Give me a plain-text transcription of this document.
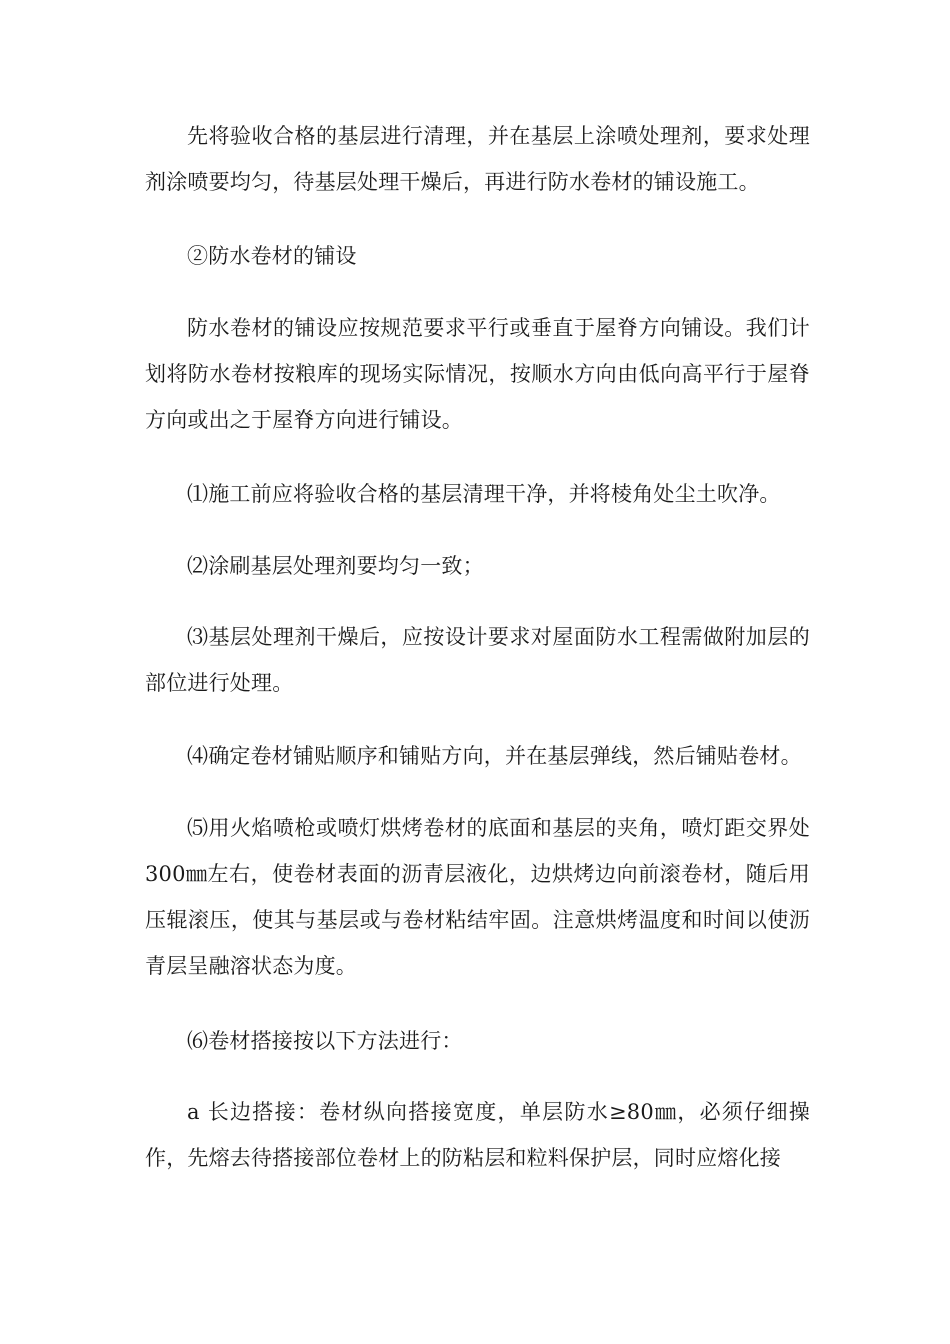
先将验收合格的基层进行清理，并在基层上涂喷处理剂，要求处理剂涂喷要均匀，待基层处理干燥后，再进行防水卷材的铺设施工。

②防水卷材的铺设

防水卷材的铺设应按规范要求平行或垂直于屋脊方向铺设。我们计划将防水卷材按粮库的现场实际情况，按顺水方向由低向高平行于屋脊方向或出之于屋脊方向进行铺设。

⑴施工前应将验收合格的基层清理干净，并将棱角处尘土吹净。

⑵涂刷基层处理剂要均匀一致；

⑶基层处理剂干燥后，应按设计要求对屋面防水工程需做附加层的部位进行处理。

⑷确定卷材铺贴顺序和铺贴方向，并在基层弹线，然后铺贴卷材。

⑸用火焰喷枪或喷灯烘烤卷材的底面和基层的夹角，喷灯距交界处 300㎜左右，使卷材表面的沥青层液化，边烘烤边向前滚卷材，随后用压辊滚压，使其与基层或与卷材粘结牢固。注意烘烤温度和时间以使沥青层呈融溶状态为度。

⑹卷材搭接按以下方法进行：

a 长边搭接：卷材纵向搭接宽度，单层防水≥80㎜，必须仔细操作，先熔去待搭接部位卷材上的防粘层和粒料保护层，同时应熔化接
